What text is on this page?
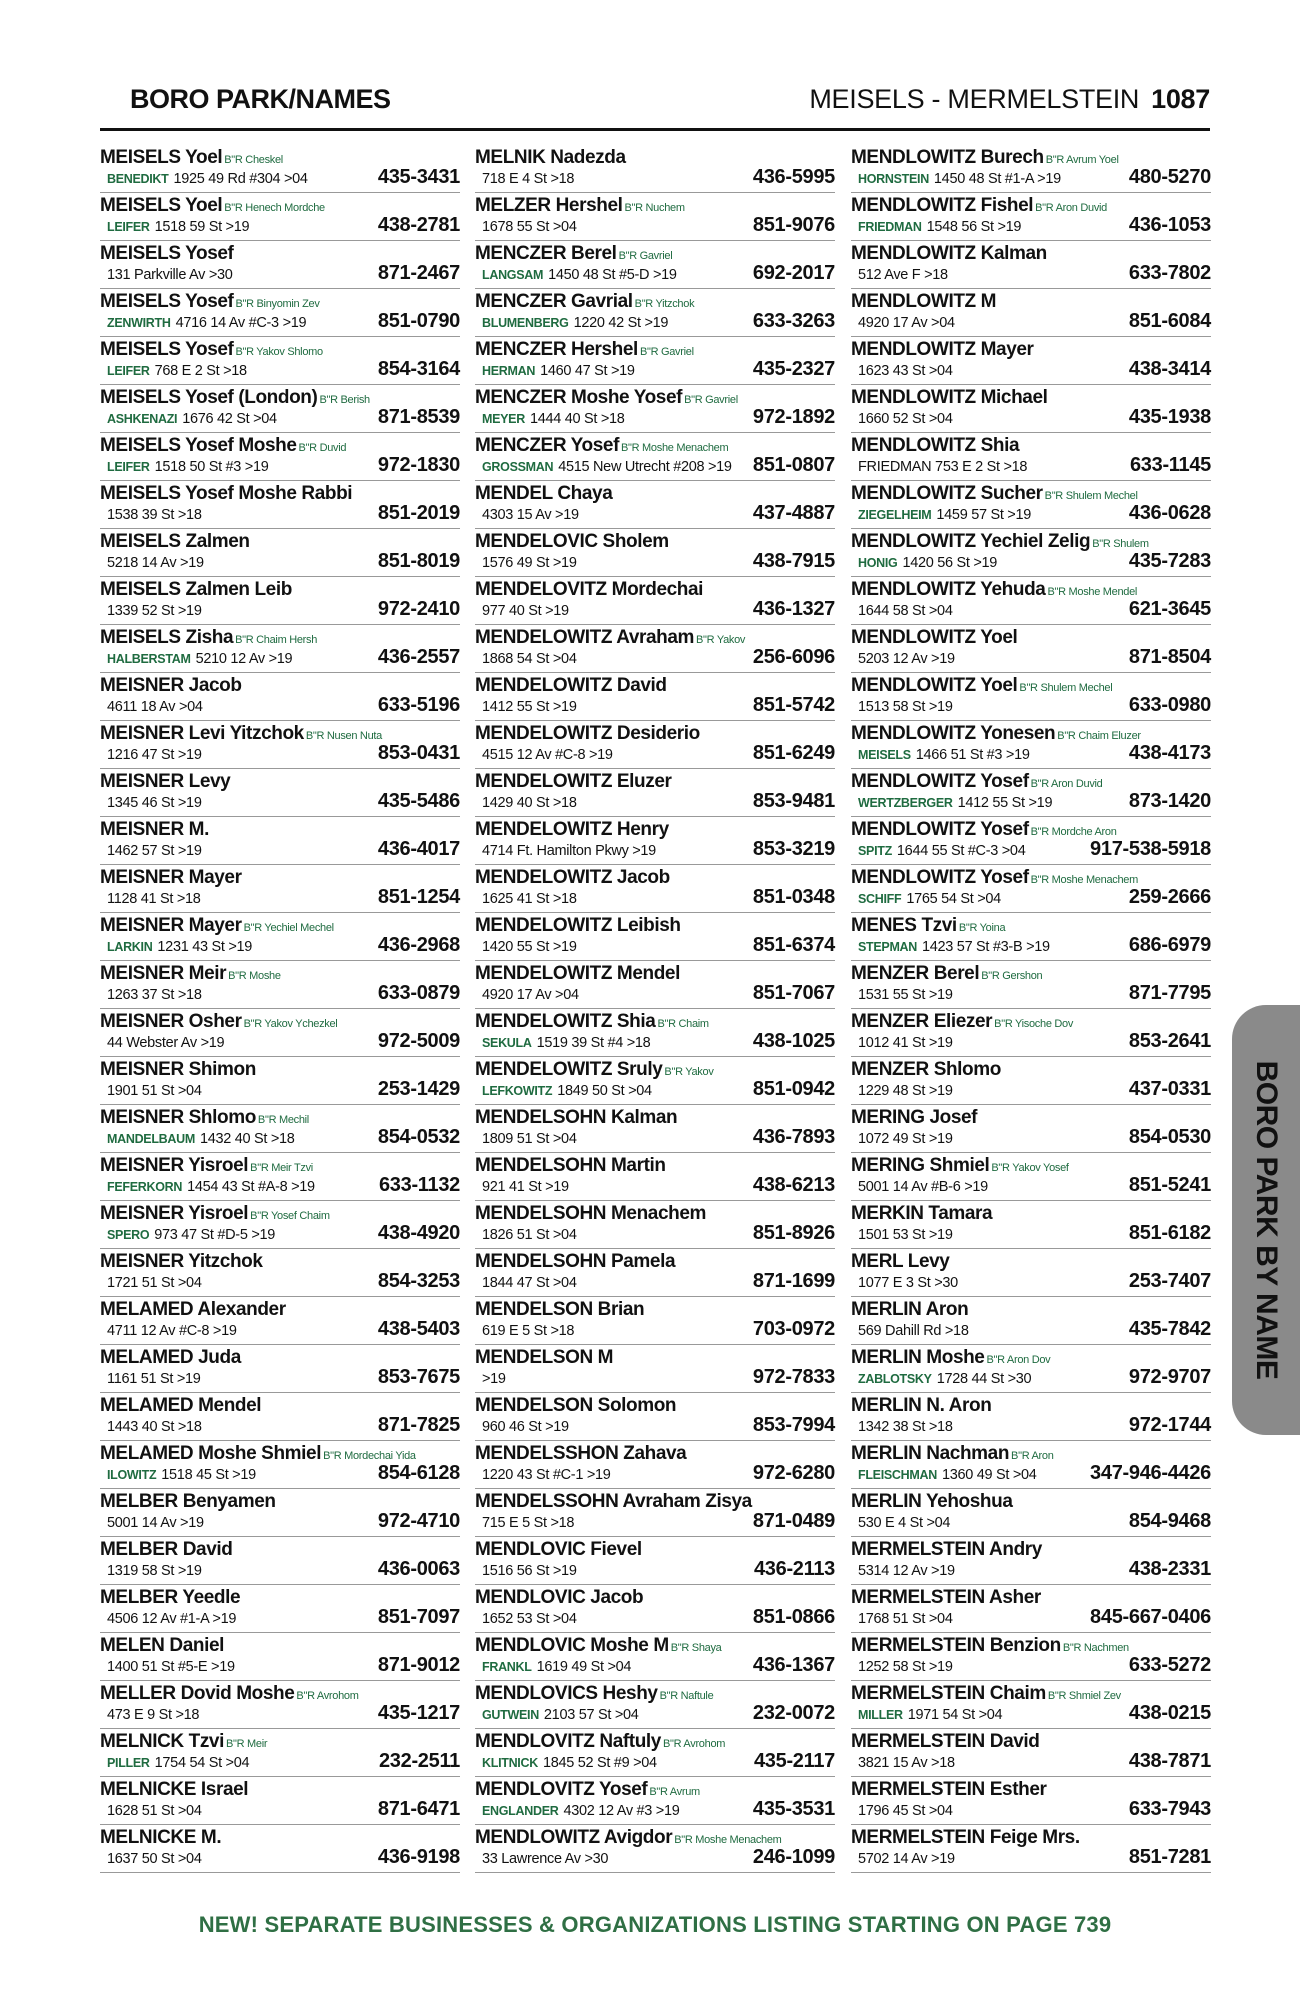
BORO PARK/NAMES	MEISELS - MERMELSTEIN 1087
MEISELS Yoel B"R Cheskel
BENEDIKT 1925 49 Rd #304 >04	435-3431
MEISELS Yoel B"R Henech Mordche
LEIFER 1518 59 St >19	438-2781
MEISELS Yosef
131 Parkville Av >30	871-2467
MEISELS Yosef B"R Binyomin Zev
ZENWIRTH 4716 14 Av #C-3 >19	851-0790
MEISELS Yosef B"R Yakov Shlomo
LEIFER 768 E 2 St >18	854-3164
MEISELS Yosef (London) B"R Berish
ASHKENAZI 1676 42 St >04	871-8539
MEISELS Yosef Moshe B"R Duvid
LEIFER 1518 50 St #3 >19	972-1830
MEISELS Yosef Moshe Rabbi
1538 39 St >18	851-2019
MEISELS Zalmen
5218 14 Av >19	851-8019
MEISELS Zalmen Leib
1339 52 St >19	972-2410
MEISELS Zisha B"R Chaim Hersh
HALBERSTAM 5210 12 Av >19	436-2557
MEISNER Jacob
4611 18 Av >04	633-5196
MEISNER Levi Yitzchok B"R Nusen Nuta
1216 47 St >19	853-0431
MEISNER Levy
1345 46 St >19	435-5486
MEISNER M.
1462 57 St >19	436-4017
MEISNER Mayer
1128 41 St >18	851-1254
MEISNER Mayer B"R Yechiel Mechel
LARKIN 1231 43 St >19	436-2968
MEISNER Meir B"R Moshe
1263 37 St >18	633-0879
MEISNER Osher B"R Yakov Ychezkel
44 Webster Av >19	972-5009
MEISNER Shimon
1901 51 St >04	253-1429
MEISNER Shlomo B"R Mechil
MANDELBAUM 1432 40 St >18	854-0532
MEISNER Yisroel B"R Meir Tzvi
FEFERKORN 1454 43 St #A-8 >19	633-1132
MEISNER Yisroel B"R Yosef Chaim
SPERO 973 47 St #D-5 >19	438-4920
MEISNER Yitzchok
1721 51 St >04	854-3253
MELAMED Alexander
4711 12 Av #C-8 >19	438-5403
MELAMED Juda
1161 51 St >19	853-7675
MELAMED Mendel
1443 40 St >18	871-7825
MELAMED Moshe Shmiel B"R Mordechai Yida
ILOWITZ 1518 45 St >19	854-6128
MELBER Benyamen
5001 14 Av >19	972-4710
MELBER David
1319 58 St >19	436-0063
MELBER Yeedle
4506 12 Av #1-A >19	851-7097
MELEN Daniel
1400 51 St #5-E >19	871-9012
MELLER Dovid Moshe B"R Avrohom
473 E 9 St >18	435-1217
MELNICK Tzvi B"R Meir
PILLER 1754 54 St >04	232-2511
MELNICKE Israel
1628 51 St >04	871-6471
MELNICKE M.
1637 50 St >04	436-9198
MELNIK Nadezda
718 E 4 St >18	436-5995
MELZER Hershel B"R Nuchem
1678 55 St >04	851-9076
MENCZER Berel B"R Gavriel
LANGSAM 1450 48 St #5-D >19	692-2017
MENCZER Gavrial B"R Yitzchok
BLUMENBERG 1220 42 St >19	633-3263
MENCZER Hershel B"R Gavriel
HERMAN 1460 47 St >19	435-2327
MENCZER Moshe Yosef B"R Gavriel
MEYER 1444 40 St >18	972-1892
MENCZER Yosef B"R Moshe Menachem
GROSSMAN 4515 New Utrecht #208 >19 851-0807
MENDEL Chaya
4303 15 Av >19	437-4887
MENDELOVIC Sholem
1576 49 St >19	438-7915
MENDELOVITZ Mordechai
977 40 St >19	436-1327
MENDELOWITZ Avraham B"R Yakov
1868 54 St >04	256-6096
MENDELOWITZ David
1412 55 St >19	851-5742
MENDELOWITZ Desiderio
4515 12 Av #C-8 >19	851-6249
MENDELOWITZ Eluzer
1429 40 St >18	853-9481
MENDELOWITZ Henry
4714 Ft. Hamilton Pkwy >19	853-3219
MENDELOWITZ Jacob
1625 41 St >18	851-0348
MENDELOWITZ Leibish
1420 55 St >19	851-6374
MENDELOWITZ Mendel
4920 17 Av >04	851-7067
MENDELOWITZ Shia B"R Chaim
SEKULA 1519 39 St #4 >18	438-1025
MENDELOWITZ Sruly B"R Yakov
LEFKOWITZ 1849 50 St >04	851-0942
MENDELSOHN Kalman
1809 51 St >04	436-7893
MENDELSOHN Martin
921 41 St >19	438-6213
MENDELSOHN Menachem
1826 51 St >04	851-8926
MENDELSOHN Pamela
1844 47 St >04	871-1699
MENDELSON Brian
619 E 5 St >18	703-0972
MENDELSON M
>19	972-7833
MENDELSON Solomon
960 46 St >19	853-7994
MENDELSSHON Zahava
1220 43 St #C-1 >19	972-6280
MENDELSSOHN Avraham Zisya
715 E 5 St >18	871-0489
MENDLOVIC Fievel
1516 56 St >19	436-2113
MENDLOVIC Jacob
1652 53 St >04	851-0866
MENDLOVIC Moshe M B"R Shaya
FRANKL 1619 49 St >04	436-1367
MENDLOVICS Heshy B"R Naftule
GUTWEIN 2103 57 St >04	232-0072
MENDLOVITZ Naftuly B"R Avrohom
KLITNICK 1845 52 St #9 >04	435-2117
MENDLOVITZ Yosef B"R Avrum
ENGLANDER 4302 12 Av #3 >19	435-3531
MENDLOWITZ Avigdor B"R Moshe Menachem
33 Lawrence Av >30	246-1099
MENDLOWITZ Burech B"R Avrum Yoel
HORNSTEIN 1450 48 St #1-A >19	480-5270
MENDLOWITZ Fishel B"R Aron Duvid
FRIEDMAN 1548 56 St >19	436-1053
MENDLOWITZ Kalman
512 Ave F >18	633-7802
MENDLOWITZ M
4920 17 Av >04	851-6084
MENDLOWITZ Mayer
1623 43 St >04	438-3414
MENDLOWITZ Michael
1660 52 St >04	435-1938
MENDLOWITZ Shia
FRIEDMAN 753 E 2 St >18	633-1145
MENDLOWITZ Sucher B"R Shulem Mechel
ZIEGELHEIM 1459 57 St >19	436-0628
MENDLOWITZ Yechiel Zelig B"R Shulem
HONIG 1420 56 St >19	435-7283
MENDLOWITZ Yehuda B"R Moshe Mendel
1644 58 St >04	621-3645
MENDLOWITZ Yoel
5203 12 Av >19	871-8504
MENDLOWITZ Yoel B"R Shulem Mechel
1513 58 St >19	633-0980
MENDLOWITZ Yonesen B"R Chaim Eluzer
MEISELS 1466 51 St #3 >19	438-4173
MENDLOWITZ Yosef B"R Aron Duvid
WERTZBERGER 1412 55 St >19	873-1420
MENDLOWITZ Yosef B"R Mordche Aron
SPITZ 1644 55 St #C-3 >04	917-538-5918
MENDLOWITZ Yosef B"R Moshe Menachem
SCHIFF 1765 54 St >04	259-2666
MENES Tzvi B"R Yoina
STEPMAN 1423 57 St #3-B >19	686-6979
MENZER Berel B"R Gershon
1531 55 St >19	871-7795
MENZER Eliezer B"R Yisoche Dov
1012 41 St >19	853-2641
MENZER Shlomo
1229 48 St >19	437-0331
MERING Josef
1072 49 St >19	854-0530
MERING Shmiel B"R Yakov Yosef
5001 14 Av #B-6 >19	851-5241
MERKIN Tamara
1501 53 St >19	851-6182
MERL Levy
1077 E 3 St >30	253-7407
MERLIN Aron
569 Dahill Rd >18	435-7842
MERLIN Moshe B"R Aron Dov
ZABLOTSKY 1728 44 St >30	972-9707
MERLIN N. Aron
1342 38 St >18	972-1744
MERLIN Nachman B"R Aron
FLEISCHMAN 1360 49 St >04	347-946-4426
MERLIN Yehoshua
530 E 4 St >04	854-9468
MERMELSTEIN Andry
5314 12 Av >19	438-2331
MERMELSTEIN Asher
1768 51 St >04	845-667-0406
MERMELSTEIN Benzion B"R Nachmen
1252 58 St >19	633-5272
MERMELSTEIN Chaim B"R Shmiel Zev
MILLER 1971 54 St >04	438-0215
MERMELSTEIN David
3821 15 Av >18	438-7871
MERMELSTEIN Esther
1796 45 St >04	633-7943
MERMELSTEIN Feige Mrs.
5702 14 Av >19	851-7281
BORO PARK BY NAME
NEW! SEPARATE BUSINESSES & ORGANIZATIONS LISTING STARTING ON PAGE 739
